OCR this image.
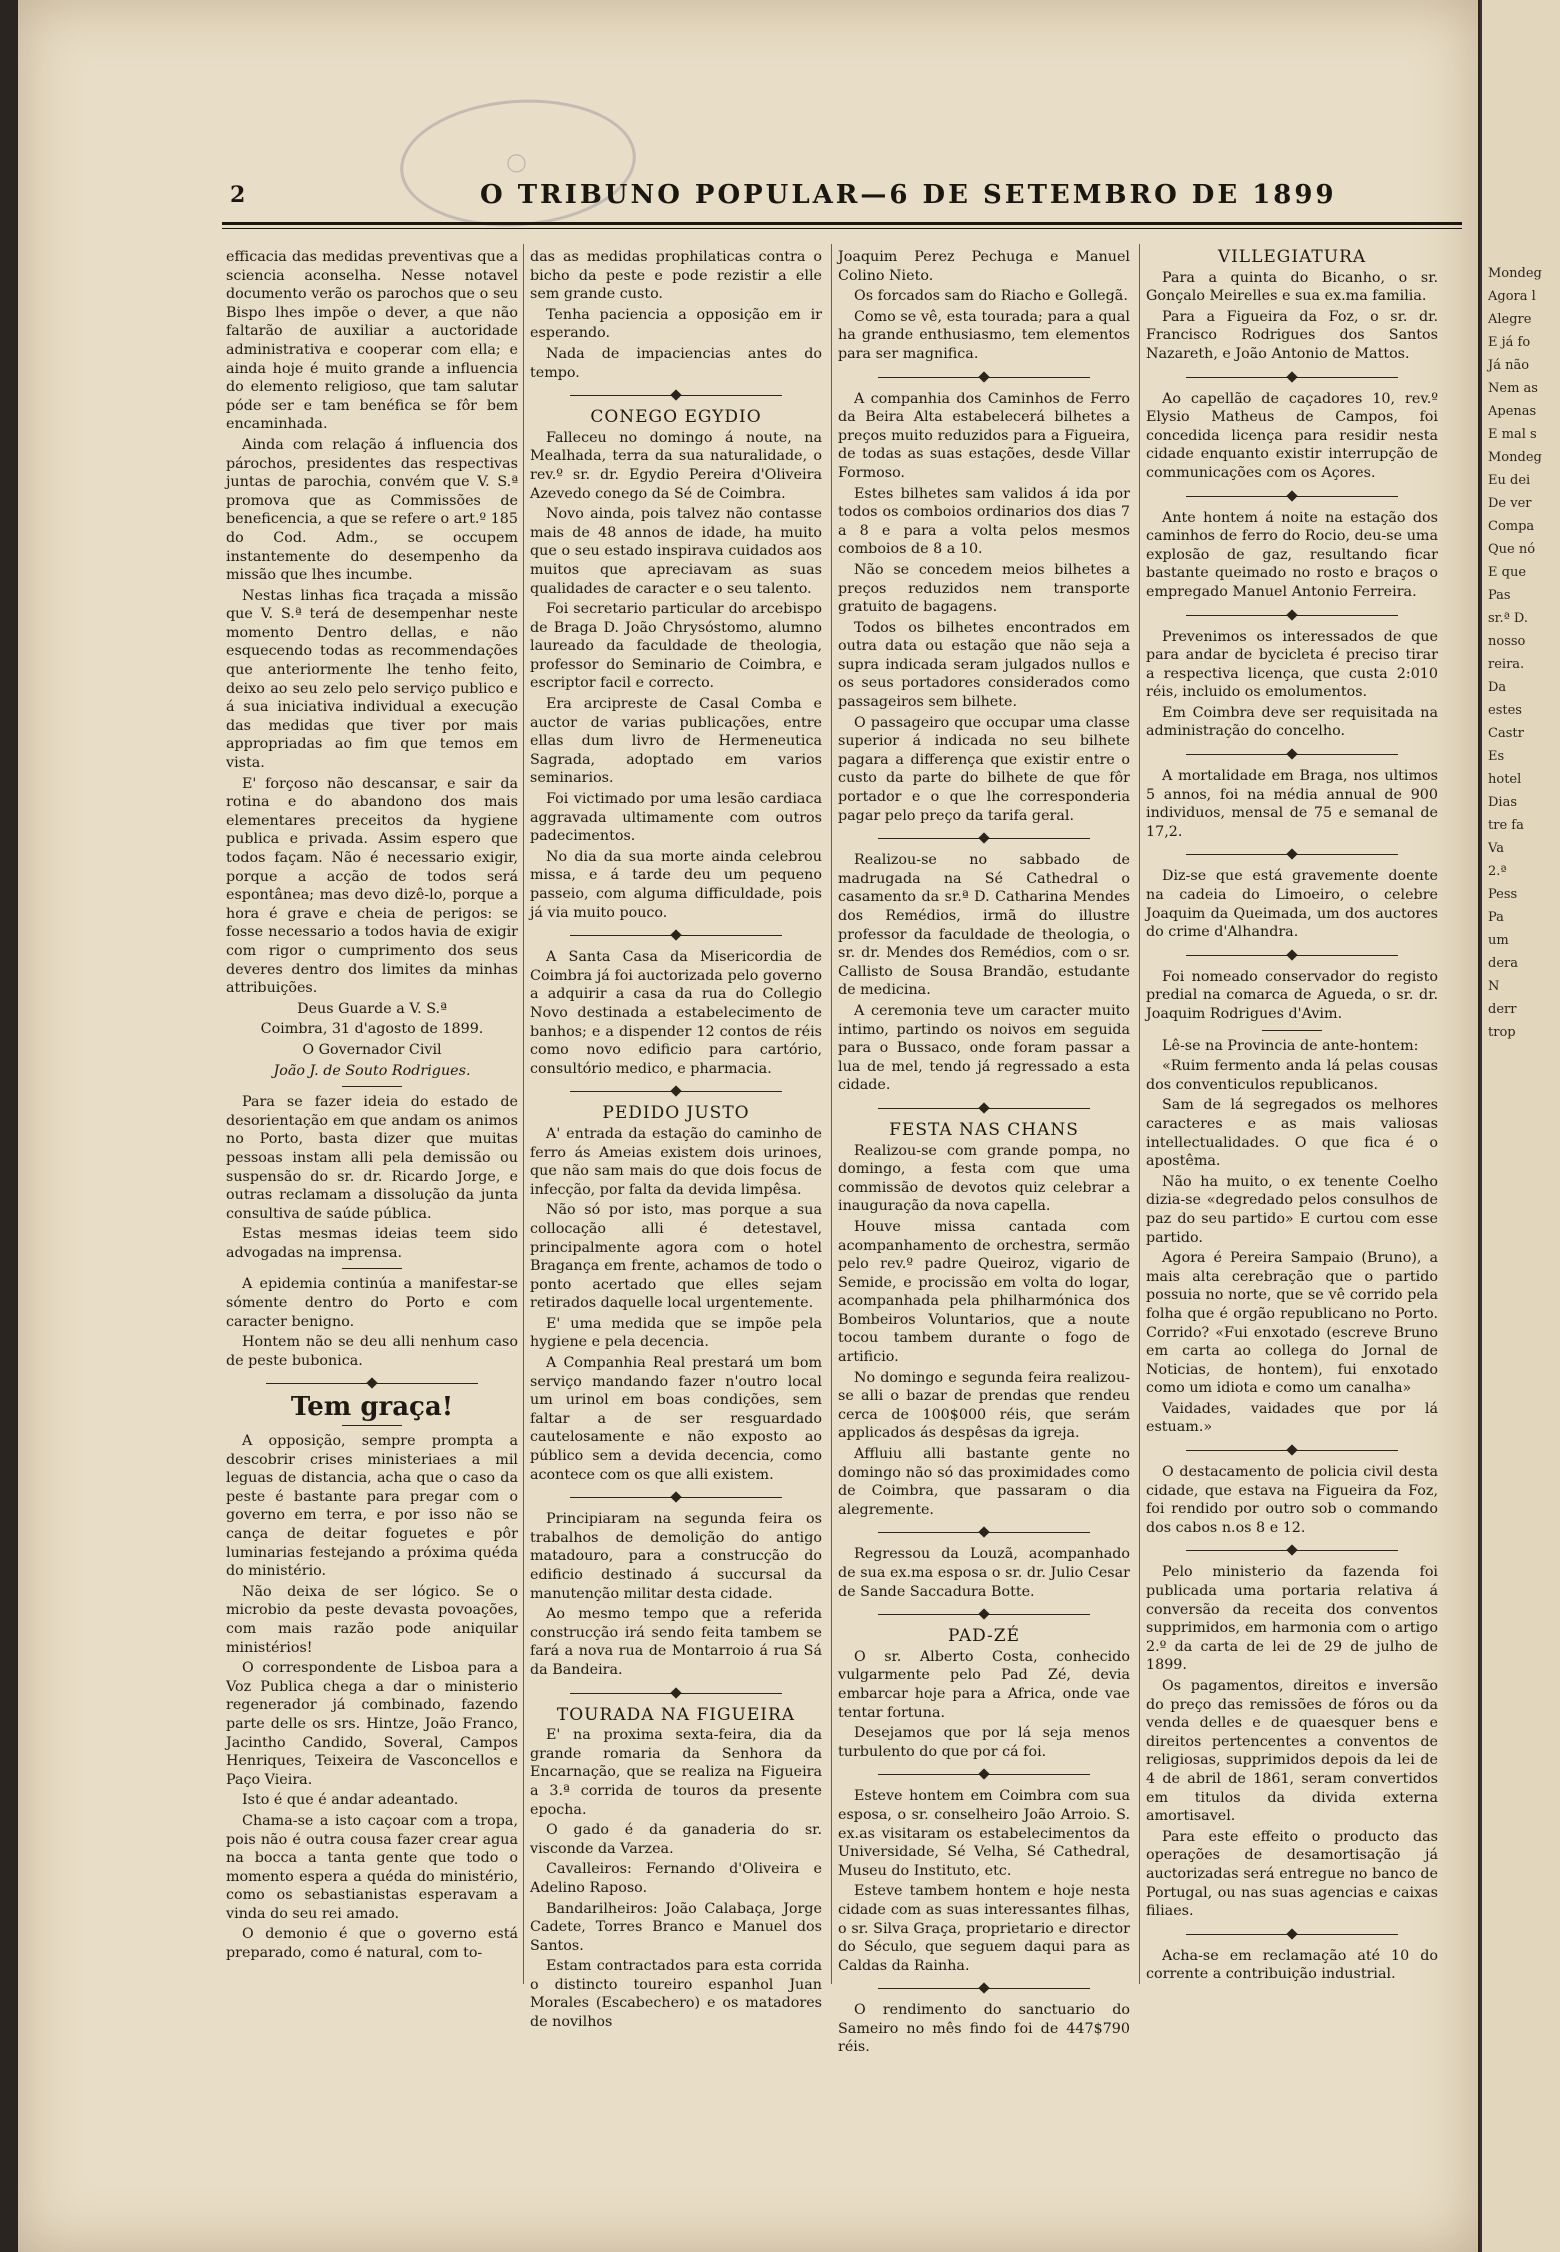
◯
2	O TRIBUNO POPULAR—6 DE SETEMBRO DE 1899

efficacia das medidas preventivas que a sciencia aconselha. Nesse notavel documento verão os parochos que o seu Bispo lhes impõe o dever, a que não faltarão de auxiliar a auctoridade administrativa e cooperar com ella; e ainda hoje é muito grande a influencia do elemento religioso, que tam salutar póde ser e tam benéfica se fôr bem encaminhada.

Ainda com relação á influencia dos párochos, presidentes das respectivas juntas de parochia, convém que V. S.ª promova que as Commissões de beneficencia, a que se refere o art.º 185 do Cod. Adm., se occupem instantemente do desempenho da missão que lhes incumbe.

Nestas linhas fica traçada a missão que V. S.ª terá de desempenhar neste momento Dentro dellas, e não esquecendo todas as recommendações que anteriormente lhe tenho feito, deixo ao seu zelo pelo serviço publico e á sua iniciativa individual a execução das medidas que tiver por mais appropriadas ao fim que temos em vista.

E' forçoso não descansar, e sair da rotina e do abandono dos mais elementares preceitos da hygiene publica e privada. Assim espero que todos façam. Não é necessario exigir, porque a acção de todos será espontânea; mas devo dizê-lo, porque a hora é grave e cheia de perigos: se fosse necessario a todos havia de exigir com rigor o cumprimento dos seus deveres dentro dos limites da minhas attribuições.

Deus Guarde a V. S.ª

Coimbra, 31 d'agosto de 1899.

O Governador Civil

João J. de Souto Rodrigues.

Para se fazer ideia do estado de desorientação em que andam os animos no Porto, basta dizer que muitas pessoas instam alli pela demissão ou suspensão do sr. dr. Ricardo Jorge, e outras reclamam a dissolução da junta consultiva de saúde pública.

Estas mesmas ideias teem sido advogadas na imprensa.

A epidemia continúa a manifestar-se sómente dentro do Porto e com caracter benigno.

Hontem não se deu alli nenhum caso de peste bubonica.

Tem graça!

A opposição, sempre prompta a descobrir crises ministeriaes a mil leguas de distancia, acha que o caso da peste é bastante para pregar com o governo em terra, e por isso não se cança de deitar foguetes e pôr luminarias festejando a próxima quéda do ministério.

Não deixa de ser lógico. Se o microbio da peste devasta povoações, com mais razão pode aniquilar ministérios!

O correspondente de Lisboa para a Voz Publica chega a dar o ministerio regenerador já combinado, fazendo parte delle os srs. Hintze, João Franco, Jacintho Candido, Soveral, Campos Henriques, Teixeira de Vasconcellos e Paço Vieira.

Isto é que é andar adeantado.

Chama-se a isto caçoar com a tropa, pois não é outra cousa fazer crear agua na bocca a tanta gente que todo o momento espera a quéda do ministério, como os sebastianistas esperavam a vinda do seu rei amado.

O demonio é que o governo está preparado, como é natural, com to-

das as medidas prophilaticas contra o bicho da peste e pode rezistir a elle sem grande custo.

Tenha paciencia a opposição em ir esperando.

Nada de impaciencias antes do tempo.

CONEGO EGYDIO

Falleceu no domingo á noute, na Mealhada, terra da sua naturalidade, o rev.º sr. dr. Egydio Pereira d'Oliveira Azevedo conego da Sé de Coimbra.

Novo ainda, pois talvez não contasse mais de 48 annos de idade, ha muito que o seu estado inspirava cuidados aos muitos que apreciavam as suas qualidades de caracter e o seu talento.

Foi secretario particular do arcebispo de Braga D. João Chrysóstomo, alumno laureado da faculdade de theologia, professor do Seminario de Coimbra, e escriptor facil e correcto.

Era arcipreste de Casal Comba e auctor de varias publicações, entre ellas dum livro de Hermeneutica Sagrada, adoptado em varios seminarios.

Foi victimado por uma lesão cardiaca aggravada ultimamente com outros padecimentos.

No dia da sua morte ainda celebrou missa, e á tarde deu um pequeno passeio, com alguma difficuldade, pois já via muito pouco.

A Santa Casa da Misericordia de Coimbra já foi auctorizada pelo governo a adquirir a casa da rua do Collegio Novo destinada a estabelecimento de banhos; e a dispender 12 contos de réis como novo edificio para cartório, consultório medico, e pharmacia.

PEDIDO JUSTO

A' entrada da estação do caminho de ferro ás Ameias existem dois urinoes, que não sam mais do que dois focus de infecção, por falta da devida limpêsa.

Não só por isto, mas porque a sua collocação alli é detestavel, principalmente agora com o hotel Bragança em frente, achamos de todo o ponto acertado que elles sejam retirados daquelle local urgentemente.

E' uma medida que se impõe pela hygiene e pela decencia.

A Companhia Real prestará um bom serviço mandando fazer n'outro local um urinol em boas condições, sem faltar a de ser resguardado cautelosamente e não exposto ao público sem a devida decencia, como acontece com os que alli existem.

Principiaram na segunda feira os trabalhos de demolição do antigo matadouro, para a construcção do edificio destinado á succursal da manutenção militar desta cidade.

Ao mesmo tempo que a referida construcção irá sendo feita tambem se fará a nova rua de Montarroio á rua Sá da Bandeira.

TOURADA NA FIGUEIRA

E' na proxima sexta-feira, dia da grande romaria da Senhora da Encarnação, que se realiza na Figueira a 3.ª corrida de touros da presente epocha.

O gado é da ganaderia do sr. visconde da Varzea.

Cavalleiros: Fernando d'Oliveira e Adelino Raposo.

Bandarilheiros: João Calabaça, Jorge Cadete, Torres Branco e Manuel dos Santos.

Estam contractados para esta corrida o distincto toureiro espanhol Juan Morales (Escabechero) e os matadores de novilhos

Joaquim Perez Pechuga e Manuel Colino Nieto.

Os forcados sam do Riacho e Gollegã.

Como se vê, esta tourada; para a qual ha grande enthusiasmo, tem elementos para ser magnifica.

A companhia dos Caminhos de Ferro da Beira Alta estabelecerá bilhetes a preços muito reduzidos para a Figueira, de todas as suas estações, desde Villar Formoso.

Estes bilhetes sam validos á ida por todos os comboios ordinarios dos dias 7 a 8 e para a volta pelos mesmos comboios de 8 a 10.

Não se concedem meios bilhetes a preços reduzidos nem transporte gratuito de bagagens.

Todos os bilhetes encontrados em outra data ou estação que não seja a supra indicada seram julgados nullos e os seus portadores considerados como passageiros sem bilhete.

O passageiro que occupar uma classe superior á indicada no seu bilhete pagara a differença que existir entre o custo da parte do bilhete de que fôr portador e o que lhe corresponderia pagar pelo preço da tarifa geral.

Realizou-se no sabbado de madrugada na Sé Cathedral o casamento da sr.ª D. Catharina Mendes dos Remédios, irmã do illustre professor da faculdade de theologia, o sr. dr. Mendes dos Remédios, com o sr. Callisto de Sousa Brandão, estudante de medicina.

A ceremonia teve um caracter muito intimo, partindo os noivos em seguida para o Bussaco, onde foram passar a lua de mel, tendo já regressado a esta cidade.

FESTA NAS CHANS

Realizou-se com grande pompa, no domingo, a festa com que uma commissão de devotos quiz celebrar a inauguração da nova capella.

Houve missa cantada com acompanhamento de orchestra, sermão pelo rev.º padre Queiroz, vigario de Semide, e procissão em volta do logar, acompanhada pela philharmónica dos Bombeiros Voluntarios, que a noute tocou tambem durante o fogo de artificio.

No domingo e segunda feira realizou-se alli o bazar de prendas que rendeu cerca de 100$000 réis, que serám applicados ás despêsas da igreja.

Affluiu alli bastante gente no domingo não só das proximidades como de Coimbra, que passaram o dia alegremente.

Regressou da Louzã, acompanhado de sua ex.ma esposa o sr. dr. Julio Cesar de Sande Saccadura Botte.

PAD-ZÉ

O sr. Alberto Costa, conhecido vulgarmente pelo Pad Zé, devia embarcar hoje para a Africa, onde vae tentar fortuna.

Desejamos que por lá seja menos turbulento do que por cá foi.

Esteve hontem em Coimbra com sua esposa, o sr. conselheiro João Arroio. S. ex.as visitaram os estabelecimentos da Universidade, Sé Velha, Sé Cathedral, Museu do Instituto, etc.

Esteve tambem hontem e hoje nesta cidade com as suas interessantes filhas, o sr. Silva Graça, proprietario e director do Século, que seguem daqui para as Caldas da Rainha.

O rendimento do sanctuario do Sameiro no mês findo foi de 447$790 réis.

VILLEGIATURA

Para a quinta do Bicanho, o sr. Gonçalo Meirelles e sua ex.ma familia.

Para a Figueira da Foz, o sr. dr. Francisco Rodrigues dos Santos Nazareth, e João Antonio de Mattos.

Ao capellão de caçadores 10, rev.º Elysio Matheus de Campos, foi concedida licença para residir nesta cidade enquanto existir interrupção de communicações com os Açores.

Ante hontem á noite na estação dos caminhos de ferro do Rocio, deu-se uma explosão de gaz, resultando ficar bastante queimado no rosto e braços o empregado Manuel Antonio Ferreira.

Prevenimos os interessados de que para andar de bycicleta é preciso tirar a respectiva licença, que custa 2:010 réis, incluido os emolumentos.

Em Coimbra deve ser requisitada na administração do concelho.

A mortalidade em Braga, nos ultimos 5 annos, foi na média annual de 900 individuos, mensal de 75 e semanal de 17,2.

Diz-se que está gravemente doente na cadeia do Limoeiro, o celebre Joaquim da Queimada, um dos auctores do crime d'Alhandra.

Foi nomeado conservador do registo predial na comarca de Agueda, o sr. dr. Joaquim Rodrigues d'Avim.

Lê-se na Provincia de ante-hontem:

«Ruim fermento anda lá pelas cousas dos conventiculos republicanos.

Sam de lá segregados os melhores caracteres e as mais valiosas intellectualidades. O que fica é o apostêma.

Não ha muito, o ex tenente Coelho dizia-se «degredado pelos consulhos de paz do seu partido» E curtou com esse partido.

Agora é Pereira Sampaio (Bruno), a mais alta cerebração que o partido possuia no norte, que se vê corrido pela folha que é orgão republicano no Porto. Corrido? «Fui enxotado (escreve Bruno em carta ao collega do Jornal de Noticias, de hontem), fui enxotado como um idiota e como um canalha»

Vaidades, vaidades que por lá estuam.»

O destacamento de policia civil desta cidade, que estava na Figueira da Foz, foi rendido por outro sob o commando dos cabos n.os 8 e 12.

Pelo ministerio da fazenda foi publicada uma portaria relativa á conversão da receita dos conventos supprimidos, em harmonia com o artigo 2.º da carta de lei de 29 de julho de 1899.

Os pagamentos, direitos e inversão do preço das remissões de fóros ou da venda delles e de quaesquer bens e direitos pertencentes a conventos de religiosas, supprimidos depois da lei de 4 de abril de 1861, seram convertidos em titulos da divida externa amortisavel.

Para este effeito o producto das operações de desamortisação já auctorizadas será entregue no banco de Portugal, ou nas suas agencias e caixas filiaes.

Acha-se em reclamação até 10 do corrente a contribuição industrial.

Mondeg
Agora l
Alegre
E já fo
Já não
Nem as
Apenas
E mal s
Mondeg
Eu dei
De ver
Compa
Que nó
E que
Pas
sr.ª D.
nosso
reira.
Da
estes
Castr
Es
hotel
Dias
tre fa
Va
2.ª
Pess
Pa
um
dera
N
derr
trop
